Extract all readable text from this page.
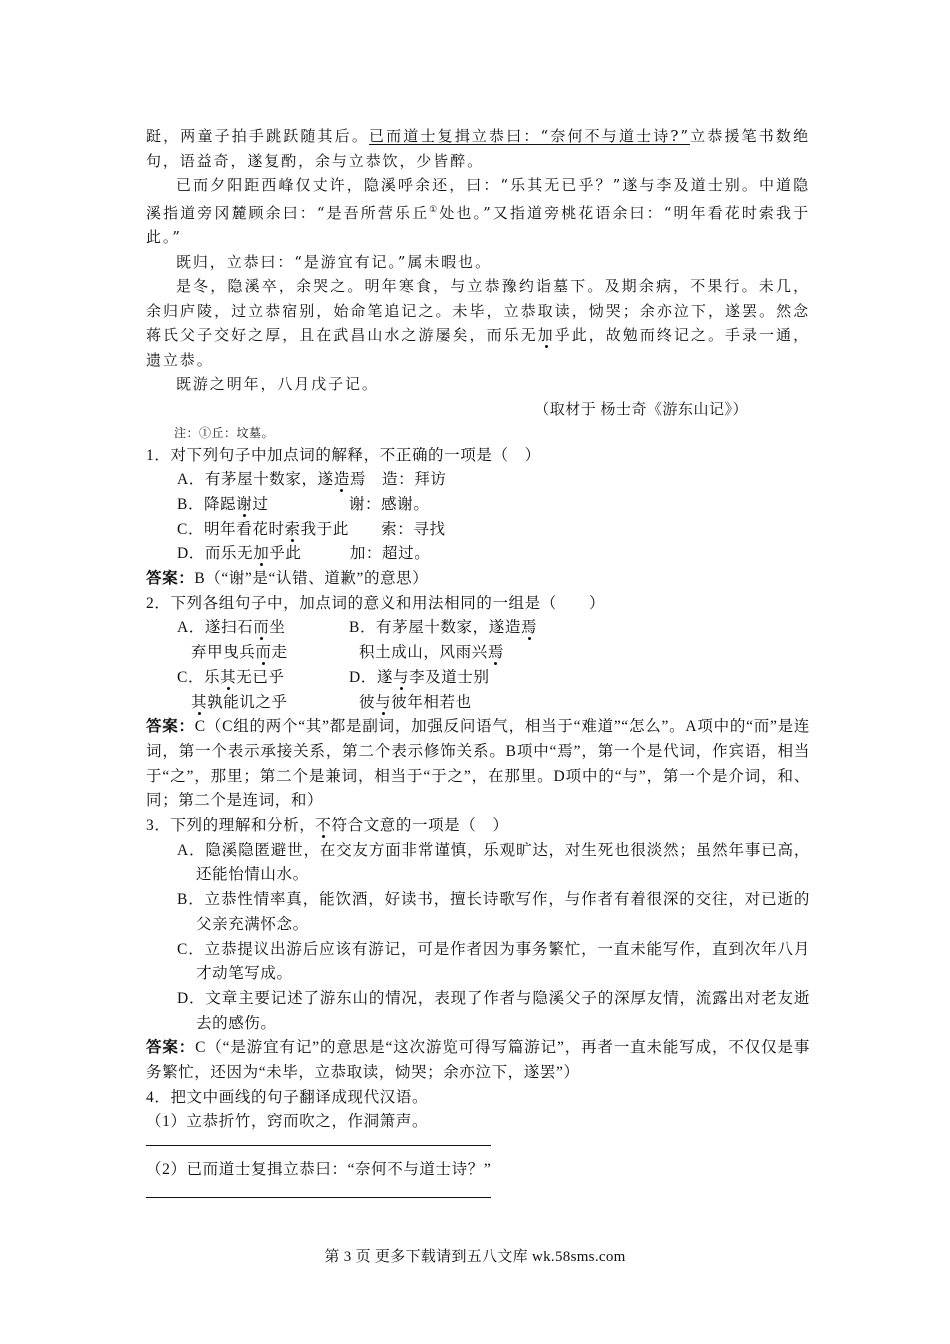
跹，两童子拍手跳跃随其后。已而道士复揖立恭曰：“奈何不与道士诗?”立恭援笔书数绝句，语益奇，遂复酌，余与立恭饮，少皆醉。

已而夕阳距西峰仅丈许，隐溪呼余还，曰：“乐其无已乎？”遂与李及道士别。中道隐溪指道旁冈麓顾余曰：“是吾所营乐丘①处也。”又指道旁桃花语余曰：“明年看花时索我于此。”

既归，立恭曰：“是游宜有记。”属未暇也。

是冬，隐溪卒，余哭之。明年寒食，与立恭豫约诣墓下。及期余病，不果行。未几，余归庐陵，过立恭宿别，始命笔追记之。未毕，立恭取读，恸哭；余亦泣下，遂罢。然念蒋氏父子交好之厚，且在武昌山水之游屡矣，而乐无加乎此，故勉而终记之。手录一通，遗立恭。

既游之明年，八月戊子记。

（取材于 杨士奇《游东山记》）
注：①丘：坟墓。

1．对下列句子中加点词的解释，不正确的一项是（　）

A．有茅屋十数家，遂造焉　造：拜访

B．降跽谢过　　　　　谢：感谢。

C．明年看花时索我于此　　索：寻找

D．而乐无加乎此　　　加：超过。

答案：B（“谢”是“认错、道歉”的意思）

2．下列各组句子中，加点词的意义和用法相同的一组是（　　）

A．遂扫石而坐	B．有茅屋十数家，遂造焉
弃甲曳兵而走	积土成山，风雨兴焉
C．乐其无已乎	D．遂与李及道士别
其孰能讥之乎	彼与彼年相若也

答案：C（C组的两个“其”都是副词，加强反问语气，相当于“难道”“怎么”。A项中的“而”是连词，第一个表示承接关系，第二个表示修饰关系。B项中“焉”，第一个是代词，作宾语，相当于“之”，那里；第二个是兼词，相当于“于之”，在那里。D项中的“与”，第一个是介词，和、同；第二个是连词，和）

3．下列的理解和分析，不符合文意的一项是（　）

A．隐溪隐匿避世，在交友方面非常谨慎，乐观旷达，对生死也很淡然；虽然年事已高，还能怡情山水。

B．立恭性情率真，能饮酒，好读书，擅长诗歌写作，与作者有着很深的交往，对已逝的父亲充满怀念。

C．立恭提议出游后应该有游记，可是作者因为事务繁忙，一直未能写作，直到次年八月才动笔写成。

D．文章主要记述了游东山的情况，表现了作者与隐溪父子的深厚友情，流露出对老友逝去的感伤。

答案：C（“是游宜有记”的意思是“这次游览可得写篇游记”，再者一直未能写成，不仅仅是事务繁忙，还因为“未毕，立恭取读，恸哭；余亦泣下，遂罢”）

4．把文中画线的句子翻译成现代汉语。

（1）立恭折竹，窍而吹之，作洞箫声。

（2）已而道士复揖立恭曰：“奈何不与道士诗？”

第 3 页 更多下载请到五八文库 wk.58sms.com
